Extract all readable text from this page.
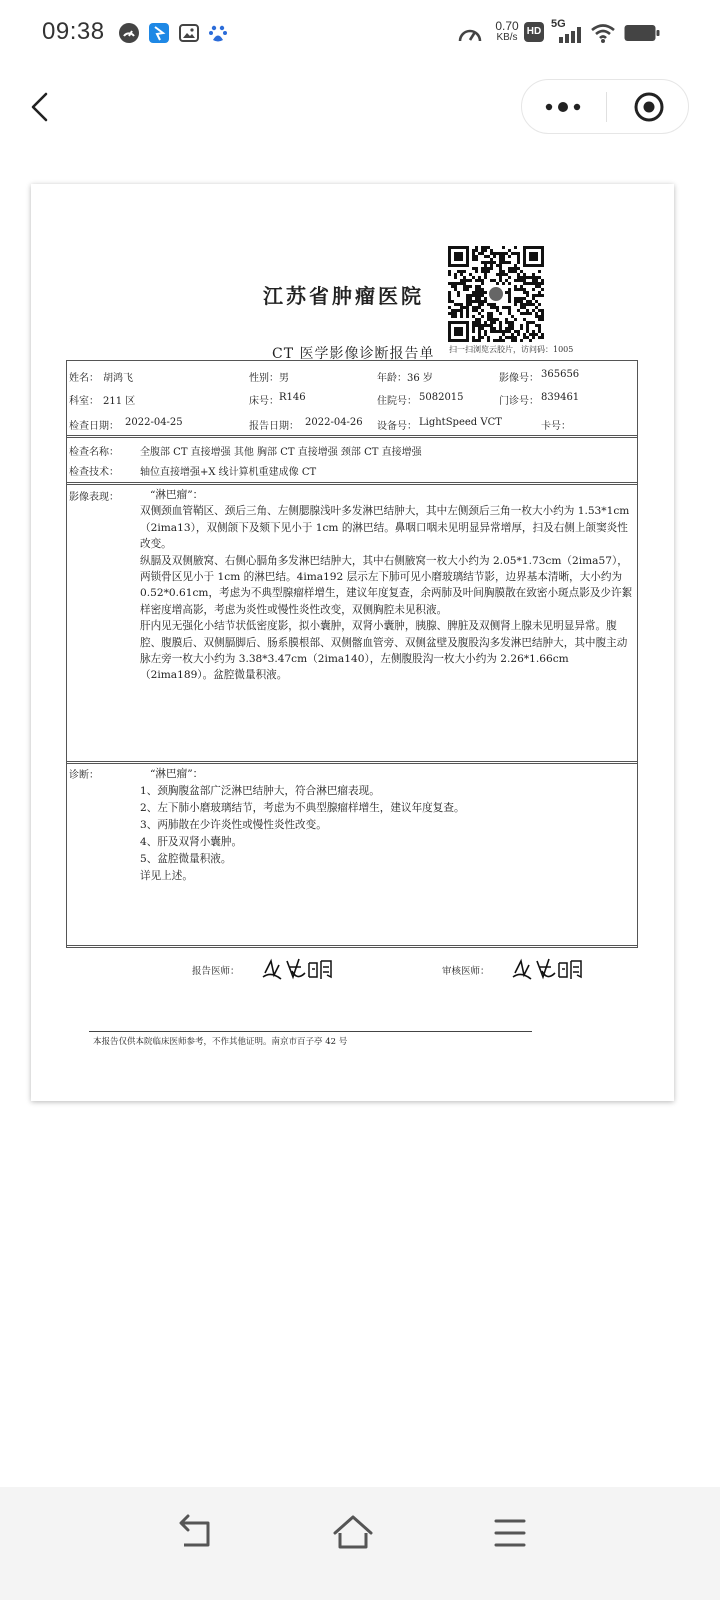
09:38	0.70
KB/s
HD
5G
江苏省肿瘤医院
CT 医学影像诊断报告单 扫一扫浏览云胶片，访问码：1005
姓名： 胡鸿飞	性别： 男	年龄： 36 岁	影像号： 365656
科室： 211 区	床号： R146	住院号： 5082015	门诊号： 839461
检查日期： 2022-04-25	报告日期： 2022-04-26 设备号： LightSpeed VCT	卡号：
检查名称： 全腹部 CT 直接增强 其他 胸部 CT 直接增强 颈部 CT 直接增强
检查技术： 轴位直接增强+X 线计算机重建成像 CT
影像表现：	“淋巴瘤”：

双侧颈血管鞘区、颈后三角、左侧腮腺浅叶多发淋巴结肿大，其中左侧颈后三角一枚大小约为 1.53*1cm（2ima13），双侧颌下及颏下见小于 1cm 的淋巴结。鼻咽口咽未见明显异常增厚，扫及右侧上颌窦炎性改变。

纵膈及双侧腋窝、右侧心膈角多发淋巴结肿大，其中右侧腋窝一枚大小约为 2.05*1.73cm（2ima57），两锁骨区见小于 1cm 的淋巴结。4ima192 层示左下肺可见小磨玻璃结节影，边界基本清晰，大小约为 0.52*0.61cm，考虑为不典型腺瘤样增生，建议年度复查，余两肺及叶间胸膜散在致密小斑点影及少许絮样密度增高影，考虑为炎性或慢性炎性改变，双侧胸腔未见积液。

肝内见无强化小结节状低密度影，拟小囊肿，双肾小囊肿，胰腺、脾脏及双侧肾上腺未见明显异常。腹腔、腹膜后、双侧膈脚后、肠系膜根部、双侧髂血管旁、双侧盆壁及腹股沟多发淋巴结肿大，其中腹主动脉左旁一枚大小约为 3.38*3.47cm（2ima140），左侧腹股沟一枚大小约为 2.26*1.66cm（2ima189）。盆腔微量积液。

诊断：	“淋巴瘤”：
1、颈胸腹盆部广泛淋巴结肿大，符合淋巴瘤表现。
2、左下肺小磨玻璃结节，考虑为不典型腺瘤样增生，建议年度复查。
3、两肺散在少许炎性或慢性炎性改变。
4、肝及双肾小囊肿。
5、盆腔微量积液。
详见上述。
报告医师：	审核医师：
本报告仅供本院临床医师参考，不作其他证明。南京市百子亭 42 号
